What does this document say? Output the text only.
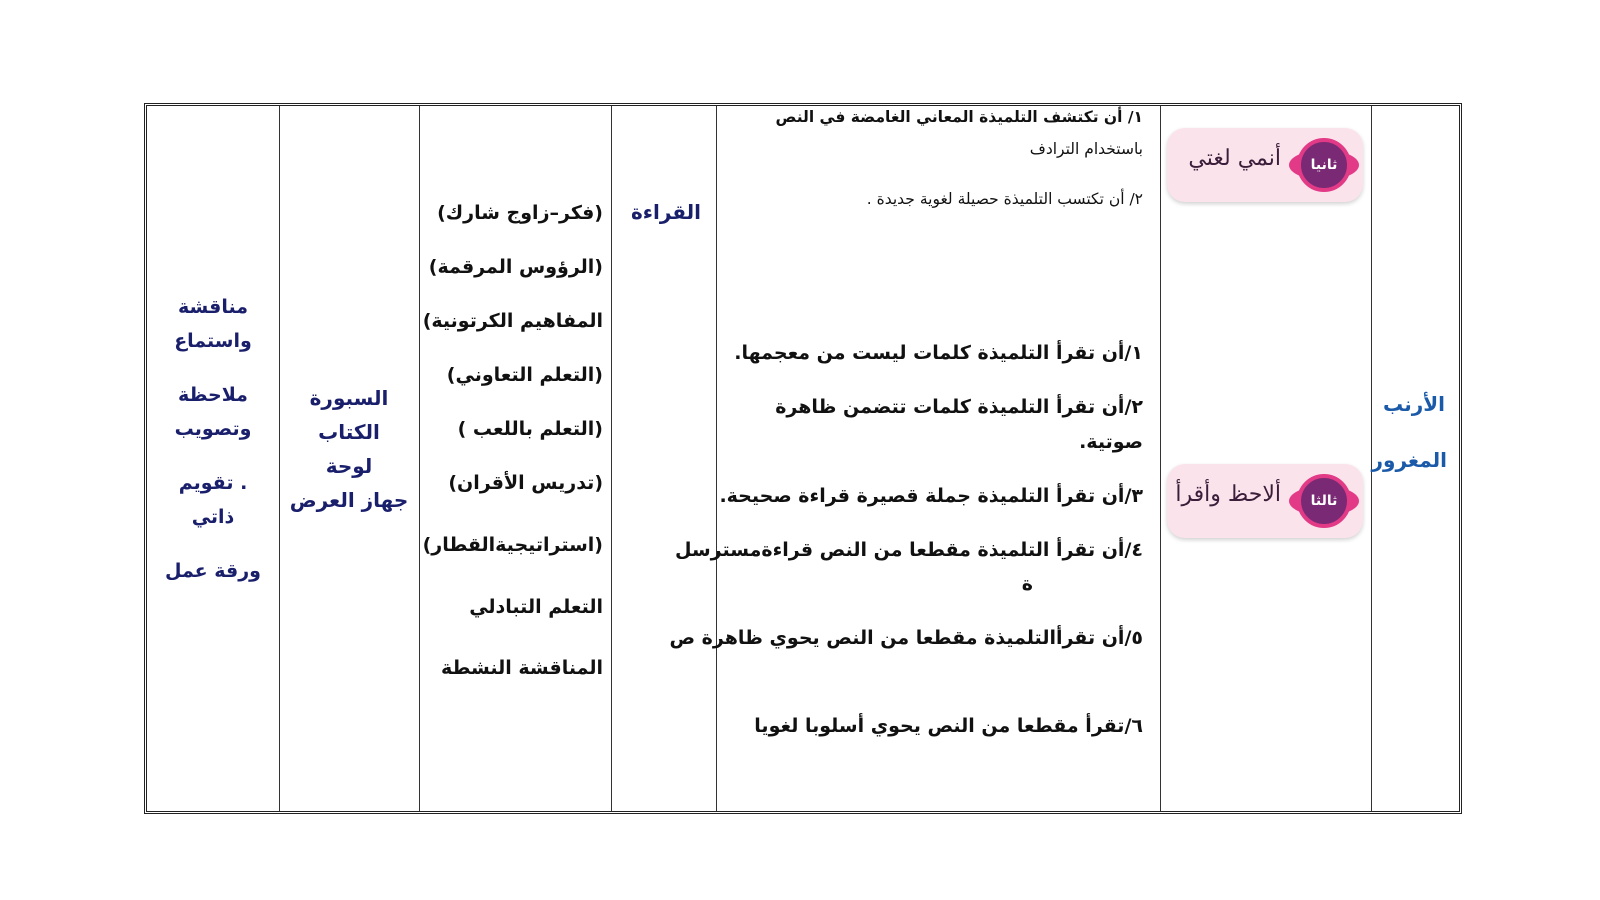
الأرنب
المغرور
ثانيا
أنمي لغتي
ثالثا
ألاحظ وأقرأ
١/ أن تكتشف التلميذة المعاني الغامضة في النص
باستخدام الترادف
٢/ أن تكتسب التلميذة حصيلة لغوية جديدة .
١/أن تقرأ التلميذة كلمات ليست من معجمها.
٢/أن تقرأ التلميذة كلمات تتضمن ظاهرة
صوتية.
٣/أن تقرأ التلميذة جملة قصيرة قراءة صحيحة.
٤/أن تقرأ التلميذة مقطعا من النص قراءةمسترسل
ة
٥/أن تقرأالتلميذة مقطعا من النص يحوي ظاهرة ص
٦/تقرأ مقطعا من النص يحوي أسلوبا لغويا
القراءة

(فكر–زاوج شارك)

(الرؤوس المرقمة)

المفاهيم الكرتونية)

(التعلم التعاوني)

(التعلم باللعب )

(تدريس الأقران)

(استراتيجيةالقطار)

التعلم التبادلي

المناقشة النشطة

السبورة

الكتاب

لوحة

جهاز العرض

مناقشة

واستماع

ملاحظة

وتصويب

. تقويم

ذاتي

ورقة عمل
